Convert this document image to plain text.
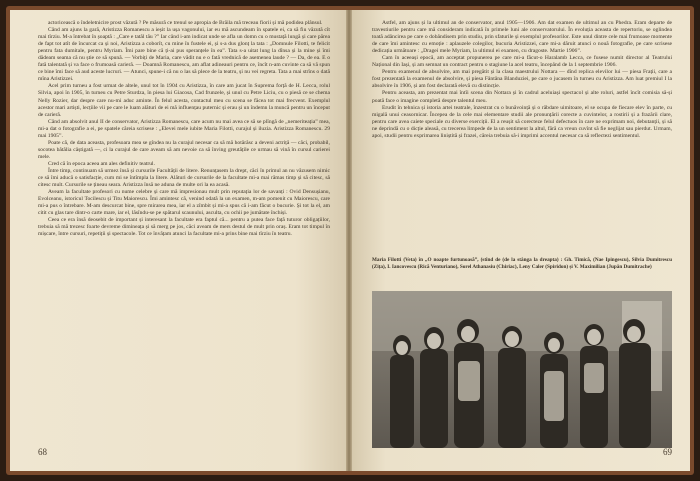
actoricească o îndeletnicire prost văzută ? Pe măsură ce trenul se apropia de Brăila mă treceau fiorii și mă podidea plânsul.

Când am ajuns la gară, Aristizza Romanescu a ieșit la ușa vagonului, iar eu mă ascundeam în spatele ei, ca să fiu văzută cît mai tîrziu. M-a întrebat în șoaptă : „Care e tatăl tău ?” Iar când i-am indicat unde se afla un domn cu o mustață lungă și care părea de fapt tot atît de încurcat ca și noi, Aristizza a coborît, cu mine în fustele ei, și s-a dus glonț la tata : „Domnule Filotti, te felicit pentru fata dumitale, pentru Myriam. Îmi pare bine că ți-ai pus speranțele în ea”. Tata s-a uitat lung la dînsa și la mine și îmi dădeam seama că nu știe ce să spună. — Vorbiți de Maria, care vădit nu e o fată vrednică de asemenea laude ? — Da, de ea. E o fată talentată și va face o frumoasă carieră. — Doamnă Romanescu, am aflat adineauri pentru ce, încît n-am cuvinte ca să vă spun ce bine îmi face să aud aceste lucruri. — Atunci, spune-i că nu o las să plece de la teatru, și nu vei regreta. Tata a mai strîns o dată mîna Aristizzei.

Acel prim turneu a fost urmat de altele, unul tot în 1904 cu Aristizza, în care am jucat în Suprema forță de H. Lecca, rolul Silvia, apoi în 1905, în turneu cu Petre Sturdza, în piesa lui Giacosa, Cad frunzele, și unul cu Petre Liciu, cu o piesă ce se chema Nelly Rozier, dar despre care nu-mi aduc aminte. În felul acesta, contactul meu cu scena se făcea tot mai frecvent. Exemplul acestor mari artiști, lecțiile vii pe care le luam alături de ei mă influențau puternic și erau și un îndemn la muncă pentru un început de carieră.

Când am absolvit anul II de conservator, Aristizza Romanescu, care acum nu mai avea ce să se plîngă de „nemeriteația” mea, mi-a dat o fotografie a ei, pe spatele căreia scrisese : „Elevei mele iubite Maria Filotti, curajul și iluzia. Aristizza Romanescu. 29 mai 1905”.

Poate că, de data aceasta, profesoara mea se gîndea nu la curajul necesar ca să mă hotărăsc a deveni actriță — căci, probabil, socotea bătălia câștigată —, ci la curajul de care aveam să am nevoie ca să înving greutățile ce urmau să vină în cursul carierei mele.

Cred că în epoca aceea am ales definitiv teatrul.

Între timp, continuam să urmez însă și cursurile Facultății de litere. Renunțasem la drept, căci în primul an nu văzusem nimic ce să îmi aducă o satisfacție, cum mi se întîmpla la litere. Alături de cursurile de la facultate mi-a mai rămas timp și să citesc, să citesc mult. Cursurile se țineau seara. Aristizza însă ne aduna de multe ori la ea acasă.

Aveam la facultate profesori cu nume celebre și care mă impresionau mult prin reputația lor de savanți : Ovid Densușianu, Evolceanu, istoricul Tocilescu și Titu Maiorescu. Îmi amintesc că, venind odată la un examen, m-am pomenit cu Maiorescu, care mi-a pus o întrebare. M-am descurcat bine, spre mirarea mea, iar el a zîmbit și mi-a spus că i-am făcut o bucurie. Și tot la el, am citit cu glas tare dintr-o carte mare, iar el, lăsîndu-se pe spătarul scaunului, asculta, cu ochii pe jumătate închiși.

Ceea ce era însă deosebit de important și interesant la facultate era faptul că... pentru a putea face față tuturor obligațiilor, trebuia să mă trezesc foarte devreme dimineața și să merg pe jos, căci aveam de mers destul de mult prin oraș. Eram tot timpul în mișcare, între cursuri, repetiții și spectacole. Tot ce învățam atunci la facultate mi-a prins bine mai tîrziu în teatru.

68

Astfel, am ajuns și la ultimul an de conservator, anul 1905—1906. Am dat examen de ultimul an cu Phedra. Eram departe de travestiurile pentru care mă consideram indicată în primele luni ale conservatorului. În evoluția aceasta de repertoriu, se oglindea toată adâncirea pe care o dobândisem prin studiu, prin sfaturile și exemplul profesorilor. Este unul dintre cele mai frumoase momente de care îmi amintesc cu emoție : aplauzele colegilor, bucuria Aristizzei, care mi-a dăruit atunci o nouă fotografie, pe care scrisese dedicația următoare : „Dragei mele Myriam, la ultimul ei examen, cu dragoste. Martie 1906”.

Cam în aceeași epocă, am acceptat propunerea pe care mi-a făcut-o Haralamb Lecca, ce fusese numit director al Teatrului Național din Iași, și am semnat un contract pentru o stagiune la acel teatru, începând de la 1 septembrie 1906.

Pentru examenul de absolvire, am mai pregătit și la clasa maestrului Nottara — dînd replica elevilor lui — piesa Frații, care a fost prezentată la examenul de absolvire, și piesa Fântâna Blanduziei, pe care o jucasem în turneu cu Aristizza. Am luat premiul I la absolvire în 1906, și am fost declarată elevă cu distincție.

Pentru aceasta, am prezentat mai întîi scena din Nottara și în cadrul aceluiași spectacol și alte roluri, astfel încît comisia să-și poată face o imagine completă despre talentul meu.

Erudit în tehnica și istoria artei teatrale, înzestrat cu o bunăvoință și o răbdare uimitoare, el se ocupa de fiecare elev în parte, cu migală unui ceasornicar. Începea de la cele mai elementare studii ale pronunțării corecte a cuvintelor, a rostirii și a frazării clare, pentru care avea caiete speciale cu diverse exerciții. El a reușit să corecteze felul defectuos în care ne exprimam noi, debutanții, și să ne deprindă cu o dicție aleasă, cu trecerea limpede de la un sentiment la altul, fără ca vreun cuvînt să fie neglijat sau pierdut. Urmam, apoi, studii pentru exprimarea liniștită și frazei, căreia trebuia să-i imprimi accentul necesar ca să reflectezi sentimentul.

Maria Filotti (Veta) în „O noapte furtunoasă”, (stînd de (de la stânga la dreapta) : Gh. Timică, (Nae Ipingescu), Silvia Dumitrescu (Zița), I. Iancovescu (Rică Venturiano), Sorel Athanasiu (Chiriac), Leny Caler (Spiridon) și V. Maximilian (Jupân Dumitrache)
69
